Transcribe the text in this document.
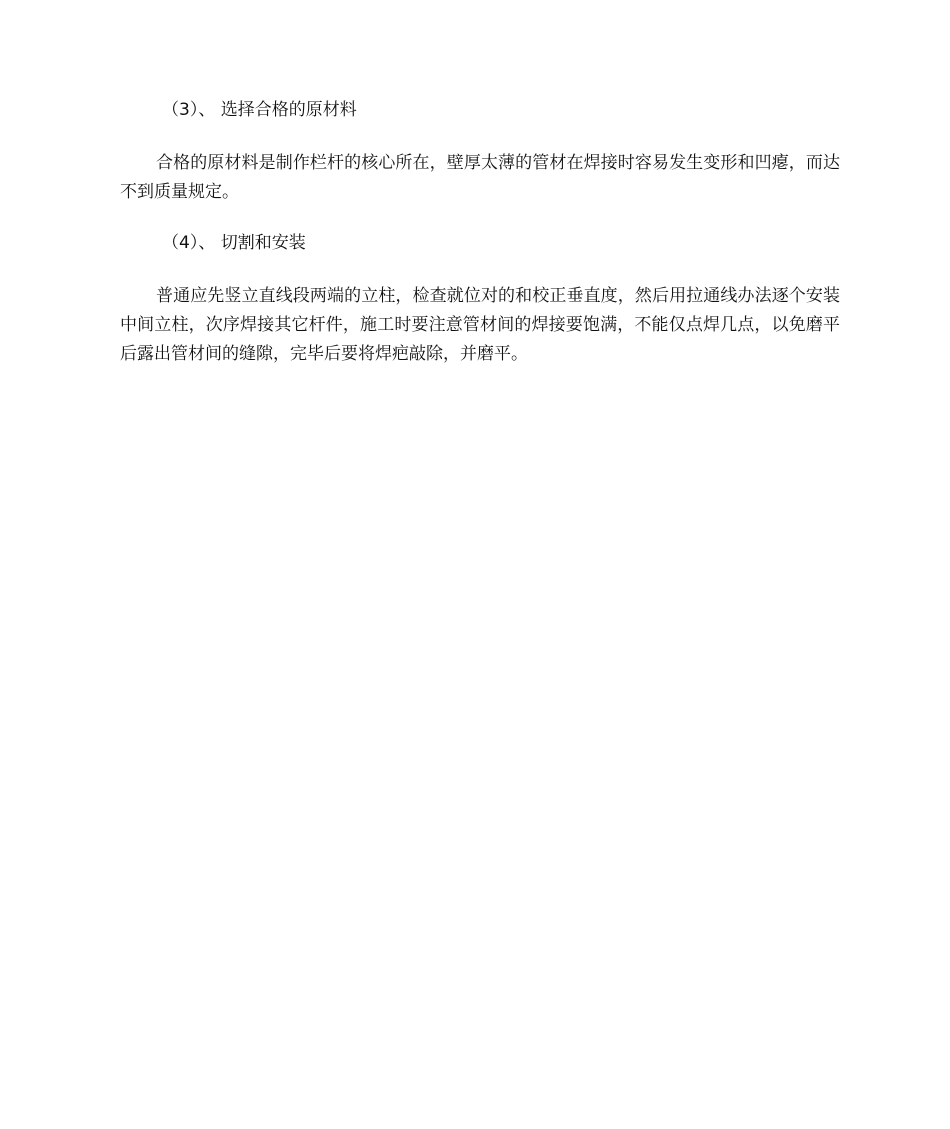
（3）、 选择合格的原材料

合格的原材料是制作栏杆的核心所在，壁厚太薄的管材在焊接时容易发生变形和凹瘪，而达不到质量规定。

（4）、 切割和安装

普通应先竖立直线段两端的立柱，检查就位对的和校正垂直度，然后用拉通线办法逐个安装中间立柱，次序焊接其它杆件，施工时要注意管材间的焊接要饱满，不能仅点焊几点，以免磨平后露出管材间的缝隙，完毕后要将焊疤敲除，并磨平。
